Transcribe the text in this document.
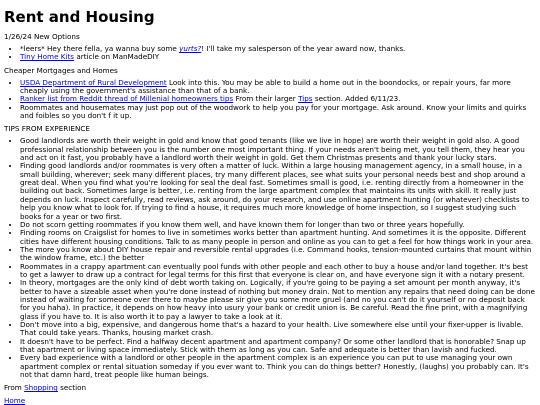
Rent and Housing

1/26/24 New Options

• *leers* Hey there fella, ya wanna buy some yurts?! I'll take my salesperson of the year award now, thanks.
• Tiny Home Kits article on ManMadeDIY

Cheaper Mortgages and Homes

• USDA Department of Rural Development Look into this. You may be able to build a home out in the boondocks, or repair yours, far more cheaply using the government's assistance than that of a bank.
• Ranker list from Reddit thread of Millenial homeowners tips From their larger Tips section. Added 6/11/23.
• Roommates and housemates may just pop out of the woodwork to help you pay for your mortgage. Ask around. Know your limits and quirks and foibles so you don't f it up.

TIPS FROM EXPERIENCE

• Good landlords are worth their weight in gold and know that good tenants (like we live in hope) are worth their weight in gold also. A good professional relationship between you is the number one most important thing. If your needs aren't being met, you tell them, they hear you and act on it fast, you probably have a landlord worth their weight in gold. Get them Christmas presents and thank your lucky stars.
• Finding good landlords and/or roommates is very often a matter of luck. Within a large housing management agency, in a small house, in a small building, wherever; seek many different places, try many different places, see what suits your personal needs best and shop around a great deal. When you find what you're looking for seal the deal fast. Sometimes small is good, i.e. renting directly from a homeowner in the building out back. Sometimes large is better, i.e. renting from the large apartment complex that maintains its units with skill. It really just depends on luck. Inspect carefully, read reviews, ask around, do your research, and use online apartment hunting (or whatever) checklists to help you know what to look for. If trying to find a house, it requires much more knowledge of home inspection, so I suggest studying such books for a year or two first.
• Do not scorn getting roommates if you know them well, and have known them for longer than two or three years hopefully.
• Finding rooms on Craigslist for homes to live in sometimes works better than apartment hunting. And sometimes it is the opposite. Different cities have different housing conditions. Talk to as many people in person and online as you can to get a feel for how things work in your area.
• The more you know about DIY house repair and reversible rental upgrades (i.e. Command hooks, tension-mounted curtains that mount within the window frame, etc.) the better
• Roommates in a crappy apartment can eventually pool funds with other people and each other to buy a house and/or land together. It's best to get a lawyer to draw up a contract for legal terms for this first that everyone is clear on, and have everyone sign it with a notary present.
• In theory, mortgages are the only kind of debt worth taking on. Logically, if you're going to be paying a set amount per month anyway, it's better to have a sizeable asset when you're done instead of nothing but money drain. Not to mention any repairs that need doing can be done instead of waiting for someone over there to maybe please sir give you some more gruel (and no you can't do it yourself or no deposit back for you haha). In practice, it depends on how heavy into usury your bank or credit union is. Be careful. Read the fine print, with a magnifying glass if you have to. It is also worth it to pay a lawyer to take a look at it.
• Don't move into a big, expensive, and dangerous home that's a hazard to your health. Live somewhere else until your fixer-upper is livable. That could take years. Thanks, housing market crash.
• It doesn't have to be perfect. Find a halfway decent apartment and apartment company? Or some other landlord that is honorable? Snap up that apartment or living space immediately. Stick with them as long as you can. Safe and adequate is better than lavish and fucked.
• Every bad experience with a landlord or other people in the apartment complex is an experience you can put to use managing your own apartment complex or rental situation someday if you ever want to. Think you can do things better? Honestly, (laughs) you probably can. It's not that damn hard, treat people like human beings.

From Shopping section

Home
